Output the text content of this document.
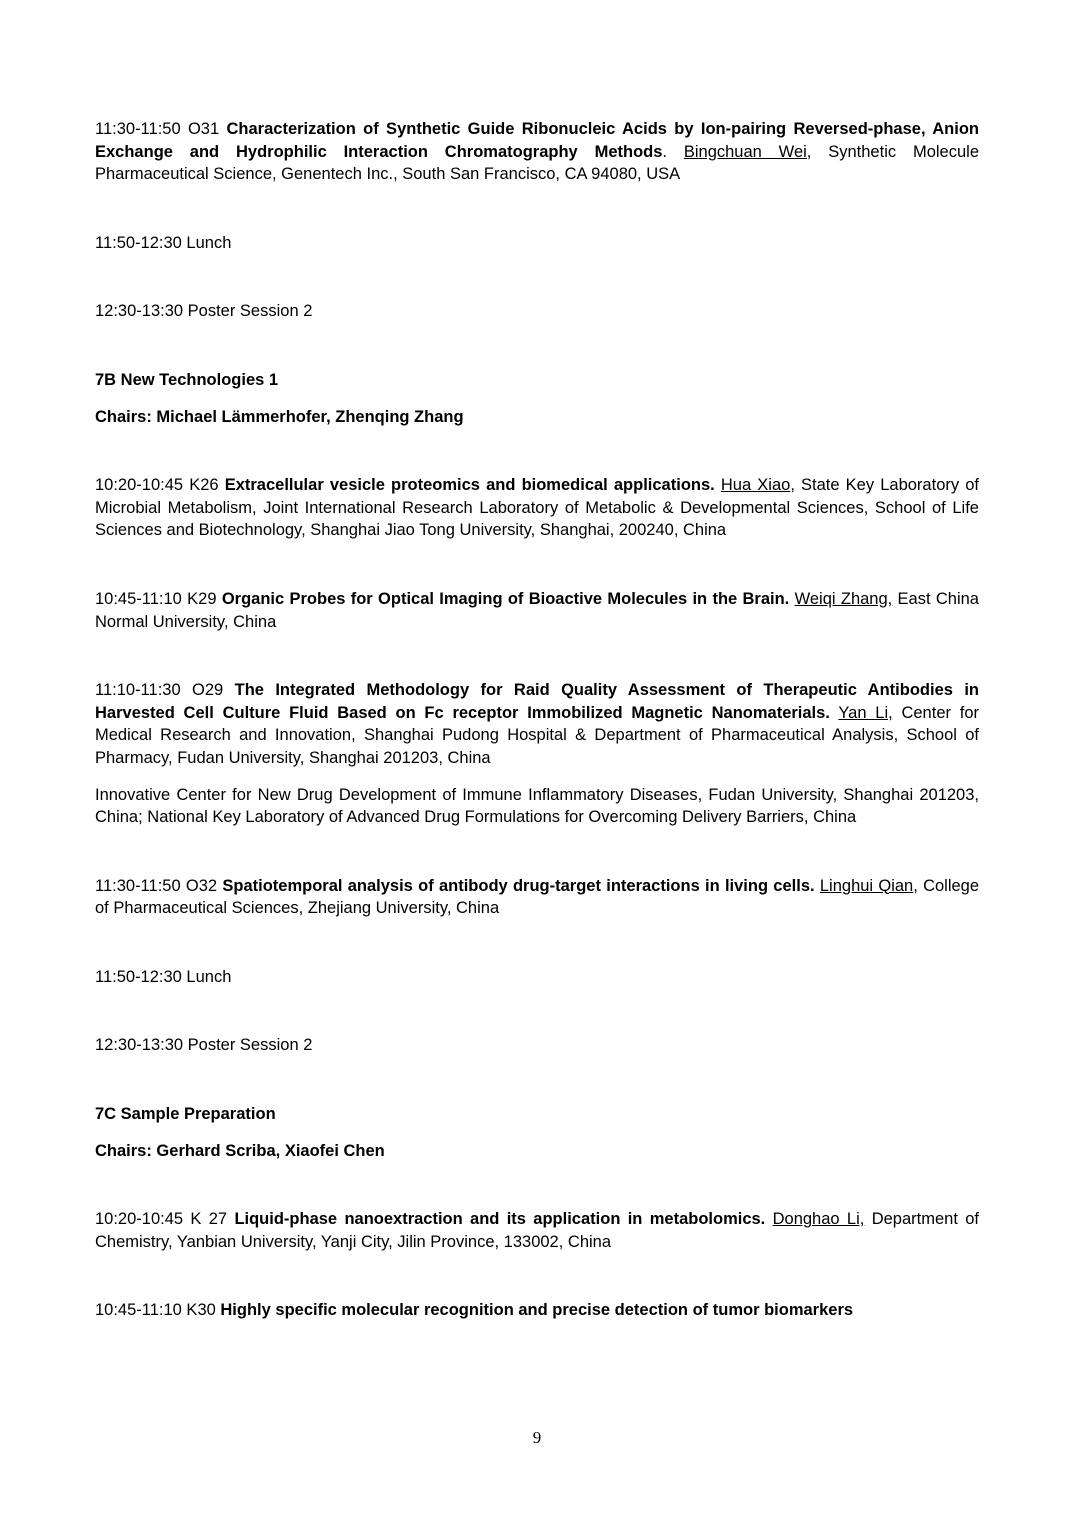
11:30-11:50 O31 Characterization of Synthetic Guide Ribonucleic Acids by Ion-pairing Reversed-phase, Anion Exchange and Hydrophilic Interaction Chromatography Methods. Bingchuan Wei, Synthetic Molecule Pharmaceutical Science, Genentech Inc., South San Francisco, CA 94080, USA

11:50-12:30 Lunch

12:30-13:30 Poster Session 2

7B New Technologies 1

Chairs: Michael Lämmerhofer, Zhenqing Zhang

10:20-10:45 K26 Extracellular vesicle proteomics and biomedical applications. Hua Xiao, State Key Laboratory of Microbial Metabolism, Joint International Research Laboratory of Metabolic & Developmental Sciences, School of Life Sciences and Biotechnology, Shanghai Jiao Tong University, Shanghai, 200240, China

10:45-11:10 K29 Organic Probes for Optical Imaging of Bioactive Molecules in the Brain. Weiqi Zhang, East China Normal University, China

11:10-11:30 O29 The Integrated Methodology for Raid Quality Assessment of Therapeutic Antibodies in Harvested Cell Culture Fluid Based on Fc receptor Immobilized Magnetic Nanomaterials. Yan Li, Center for Medical Research and Innovation, Shanghai Pudong Hospital & Department of Pharmaceutical Analysis, School of Pharmacy, Fudan University, Shanghai 201203, China

Innovative Center for New Drug Development of Immune Inflammatory Diseases, Fudan University, Shanghai 201203, China; National Key Laboratory of Advanced Drug Formulations for Overcoming Delivery Barriers, China

11:30-11:50 O32 Spatiotemporal analysis of antibody drug-target interactions in living cells. Linghui Qian, College of Pharmaceutical Sciences, Zhejiang University, China

11:50-12:30 Lunch

12:30-13:30 Poster Session 2

7C Sample Preparation

Chairs: Gerhard Scriba, Xiaofei Chen

10:20-10:45 K 27 Liquid-phase nanoextraction and its application in metabolomics. Donghao Li, Department of Chemistry, Yanbian University, Yanji City, Jilin Province, 133002, China

10:45-11:10 K30 Highly specific molecular recognition and precise detection of tumor biomarkers

9
